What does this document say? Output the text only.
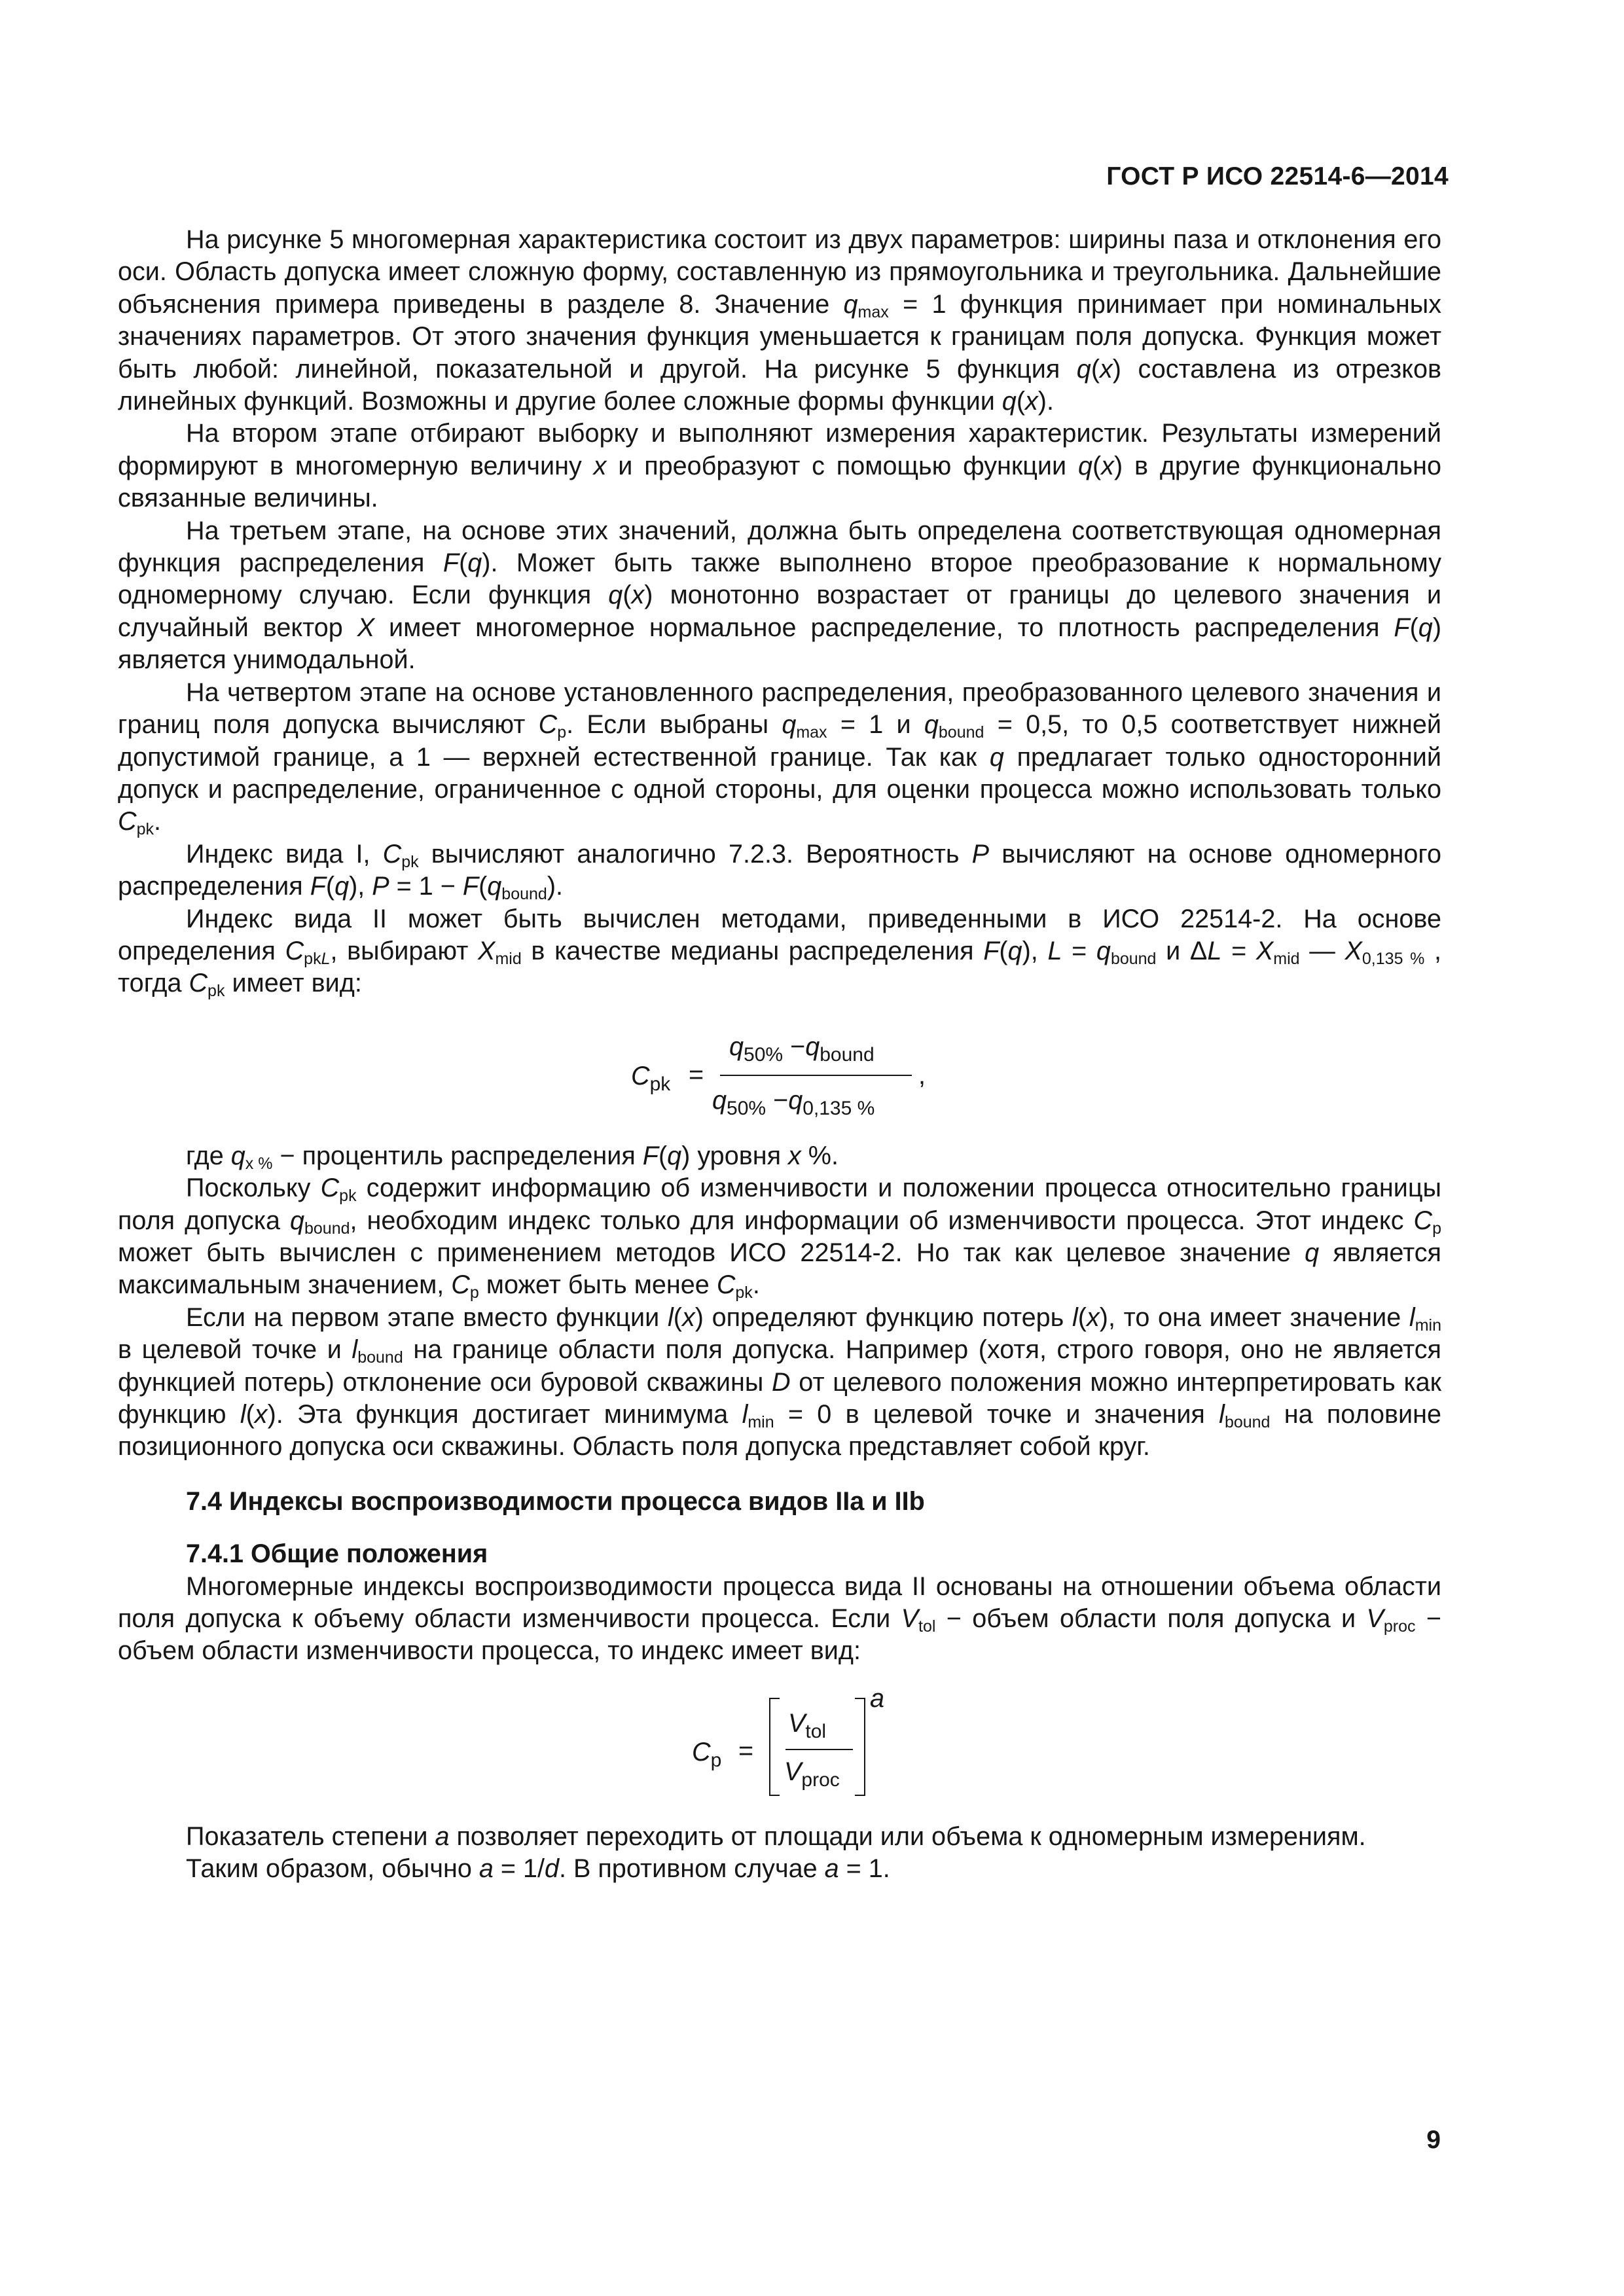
ГОСТ Р ИСО 22514-6—2014

На рисунке 5 многомерная характеристика состоит из двух параметров: ширины паза и отклонения его оси. Область допуска имеет сложную форму, составленную из прямоугольника и треугольника. Дальнейшие объяснения примера приведены в разделе 8. Значение qmax = 1 функция принимает при номинальных значениях параметров. От этого значения функция уменьшается к границам поля допуска. Функция может быть любой: линейной, показательной и другой. На рисунке 5 функция q(x) составлена из отрезков линейных функций. Возможны и другие более сложные формы функции q(x).

На втором этапе отбирают выборку и выполняют измерения характеристик. Результаты измерений формируют в многомерную величину x и преобразуют с помощью функции q(x) в другие функционально связанные величины.

На третьем этапе, на основе этих значений, должна быть определена соответствующая одномерная функция распределения F(q). Может быть также выполнено второе преобразование к нормальному одномерному случаю. Если функция q(x) монотонно возрастает от границы до целевого значения и случайный вектор X имеет многомерное нормальное распределение, то плотность распределения F(q) является унимодальной.

На четвертом этапе на основе установленного распределения, преобразованного целевого значения и границ поля допуска вычисляют Cp. Если выбраны qmax = 1 и qbound = 0,5, то 0,5 соответствует нижней допустимой границе, а 1 — верхней естественной границе. Так как q предлагает только односторонний допуск и распределение, ограниченное с одной стороны, для оценки процесса можно использовать только Cpk.

Индекс вида I, Cpk вычисляют аналогично 7.2.3. Вероятность P вычисляют на основе одномерного распределения F(q), P = 1 − F(qbound).

Индекс вида II может быть вычислен методами, приведенными в ИСО 22514-2. На основе определения CpkL, выбирают Xmid в качестве медианы распределения F(q), L = qbound и ΔL = Xmid — X0,135 % , тогда Cpk имеет вид:

$C_{pk}$ =
$q_{50\%} -q_{bound}$
$q_{50\%} -q_{0,135 \%}$
,

где qx % − процентиль распределения F(q) уровня x %.

Поскольку Cpk содержит информацию об изменчивости и положении процесса относительно границы поля допуска qbound, необходим индекс только для информации об изменчивости процесса. Этот индекс Cp может быть вычислен с применением методов ИСО 22514-2. Но так как целевое значение q является максимальным значением, Cp может быть менее Cpk.

Если на первом этапе вместо функции l(x) определяют функцию потерь l(x), то она имеет значение lmin в целевой точке и lbound на границе области поля допуска. Например (хотя, строго говоря, оно не является функцией потерь) отклонение оси буровой скважины D от целевого положения можно интерпретировать как функцию l(x). Эта функция достигает минимума lmin = 0 в целевой точке и значения lbound на половине позиционного допуска оси скважины. Область поля допуска представляет собой круг.

7.4 Индексы воспроизводимости процесса видов IIa и IIb

7.4.1 Общие положения

Многомерные индексы воспроизводимости процесса вида II основаны на отношении объема области поля допуска к объему области изменчивости процесса. Если Vtol − объем области поля допуска и Vproc − объем области изменчивости процесса, то индекс имеет вид:

$C_p$ =
$V_{tol}$
$V_{proc}$
a

Показатель степени a позволяет переходить от площади или объема к одномерным измерениям.

Таким образом, обычно a = 1/d. В противном случае a = 1.

9
